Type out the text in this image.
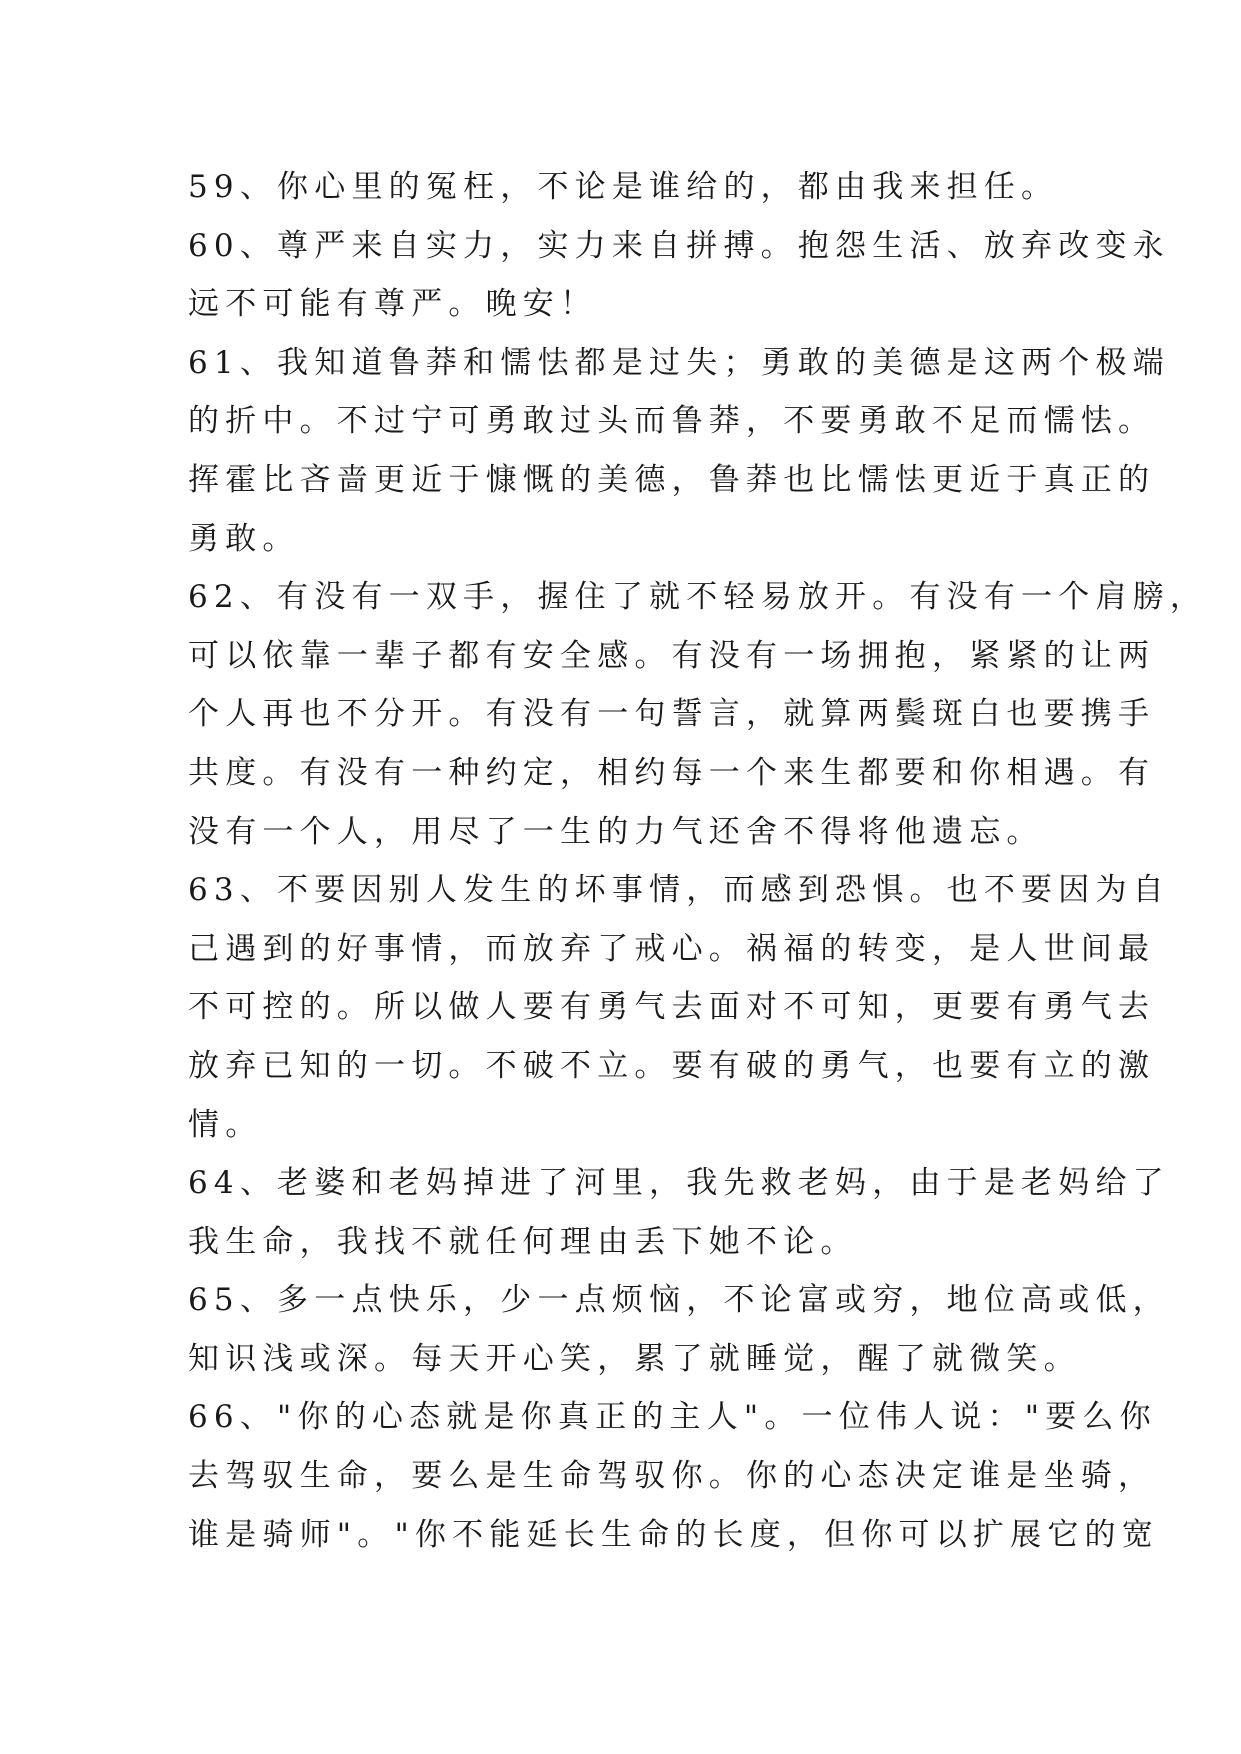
59、你心里的冤枉，不论是谁给的，都由我来担任。
60、尊严来自实力，实力来自拼搏。抱怨生活、放弃改变永
远不可能有尊严。晚安！
61、我知道鲁莽和懦怯都是过失；勇敢的美德是这两个极端
的折中。不过宁可勇敢过头而鲁莽，不要勇敢不足而懦怯。
挥霍比吝啬更近于慷慨的美德，鲁莽也比懦怯更近于真正的
勇敢。
62、有没有一双手，握住了就不轻易放开。有没有一个肩膀，
可以依靠一辈子都有安全感。有没有一场拥抱，紧紧的让两
个人再也不分开。有没有一句誓言，就算两鬓斑白也要携手
共度。有没有一种约定，相约每一个来生都要和你相遇。有
没有一个人，用尽了一生的力气还舍不得将他遗忘。
63、不要因别人发生的坏事情，而感到恐惧。也不要因为自
己遇到的好事情，而放弃了戒心。祸福的转变，是人世间最
不可控的。所以做人要有勇气去面对不可知，更要有勇气去
放弃已知的一切。不破不立。要有破的勇气，也要有立的激
情。
64、老婆和老妈掉进了河里，我先救老妈，由于是老妈给了
我生命，我找不就任何理由丢下她不论。
65、多一点快乐，少一点烦恼，不论富或穷，地位高或低，
知识浅或深。每天开心笑，累了就睡觉，醒了就微笑。
66、"你的心态就是你真正的主人"。一位伟人说："要么你
去驾驭生命，要么是生命驾驭你。你的心态决定谁是坐骑，
谁是骑师"。"你不能延长生命的长度，但你可以扩展它的宽
